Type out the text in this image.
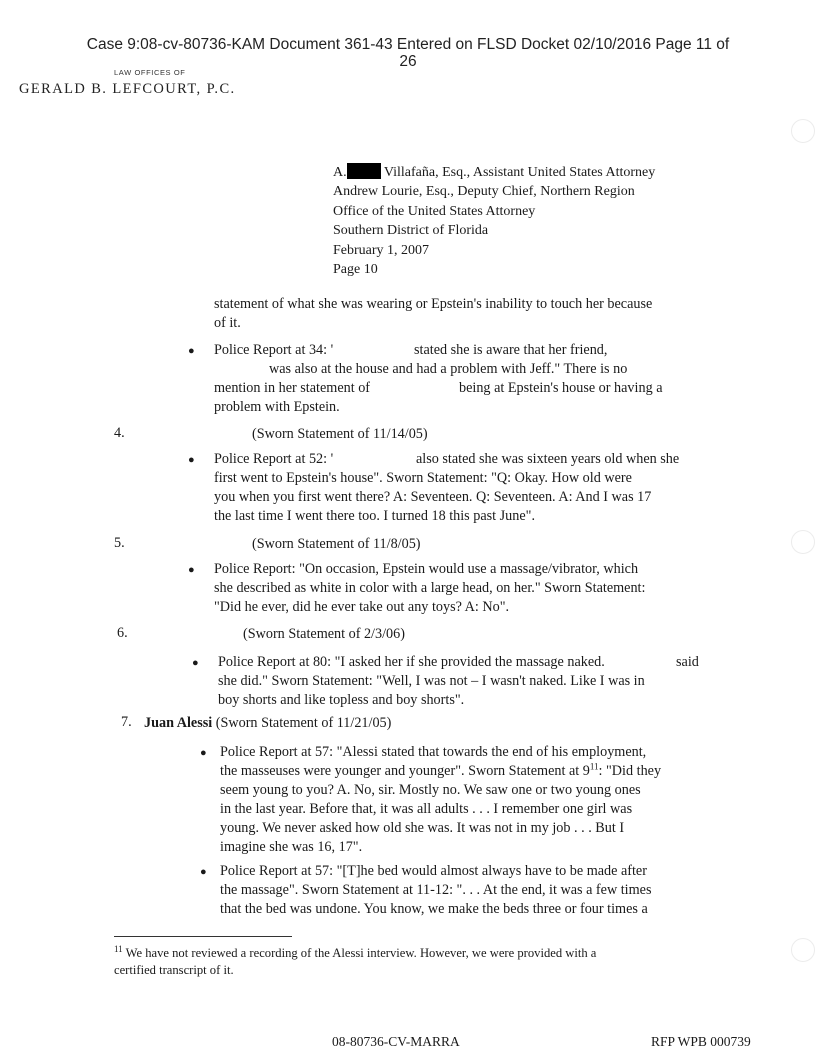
Case 9:08-cv-80736-KAM Document 361-43 Entered on FLSD Docket 02/10/2016 Page 11 of
26
LAW OFFICES OF
GERALD B. LEFCOURT, P.C.
A. Villafaña, Esq., Assistant United States Attorney
Andrew Lourie, Esq., Deputy Chief, Northern Region
Office of the United States Attorney
Southern District of Florida
February 1, 2007
Page 10
statement of what she was wearing or Epstein's inability to touch her because
of it.
● Police Report at 34: '	stated she is aware that her friend,
was also at the house and had a problem with Jeff." There is no
mention in her statement of	being at Epstein's house or having a
problem with Epstein.
4.	(Sworn Statement of 11/14/05)
● Police Report at 52: '	also stated she was sixteen years old when she
first went to Epstein's house". Sworn Statement: "Q: Okay. How old were
you when you first went there? A: Seventeen. Q: Seventeen. A: And I was 17
the last time I went there too. I turned 18 this past June".
5.	(Sworn Statement of 11/8/05)
● Police Report: "On occasion, Epstein would use a massage/vibrator, which
she described as white in color with a large head, on her." Sworn Statement:
"Did he ever, did he ever take out any toys? A: No".
6.	(Sworn Statement of 2/3/06)
● Police Report at 80: "I asked her if she provided the massage naked.	said
she did." Sworn Statement: "Well, I was not – I wasn't naked. Like I was in
boy shorts and like topless and boy shorts".
7. Juan Alessi (Sworn Statement of 11/21/05)
● Police Report at 57: "Alessi stated that towards the end of his employment,
the masseuses were younger and younger". Sworn Statement at 9$^{11}$: "Did they
seem young to you? A. No, sir. Mostly no. We saw one or two young ones
in the last year. Before that, it was all adults . . . I remember one girl was
young. We never asked how old she was. It was not in my job . . . But I
imagine she was 16, 17".
● Police Report at 57: "[T]he bed would almost always have to be made after
the massage". Sworn Statement at 11-12: ". . . At the end, it was a few times
that the bed was undone. You know, we make the beds three or four times a
$^{11}$ We have not reviewed a recording of the Alessi interview. However, we were provided with a
certified transcript of it.
08-80736-CV-MARRA	RFP WPB 000739
